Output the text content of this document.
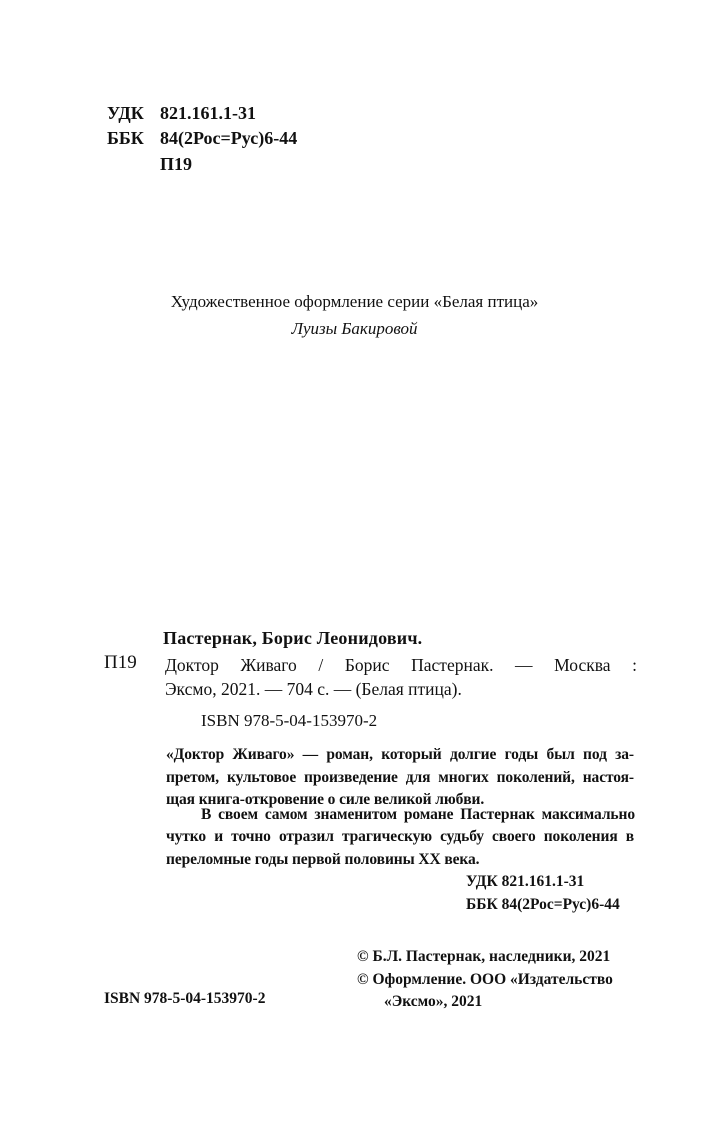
УДК 821.161.1-31
ББК 84(2Рос=Рус)6-44
П19
Художественное оформление серии «Белая птица»
Луизы Бакировой
Пастернак, Борис Леонидович.
П19 Доктор Живаго / Борис Пастернак. — Москва :
Эксмо, 2021. — 704 с. — (Белая птица).
ISBN 978-5-04-153970-2
«Доктор Живаго» — роман, который долгие годы был под за-
претом, культовое произведение для многих поколений, настоя-
щая книга-откровение о силе великой любви.
В своем самом знаменитом романе Пастернак максимально
чутко и точно отразил трагическую судьбу своего поколения в
переломные годы первой половины XX века.
УДК 821.161.1-31
ББК 84(2Рос=Рус)6-44
ISBN 978-5-04-153970-2
© Б.Л. Пастернак, наследники, 2021
© Оформление. ООО «Издательство
«Эксмо», 2021
